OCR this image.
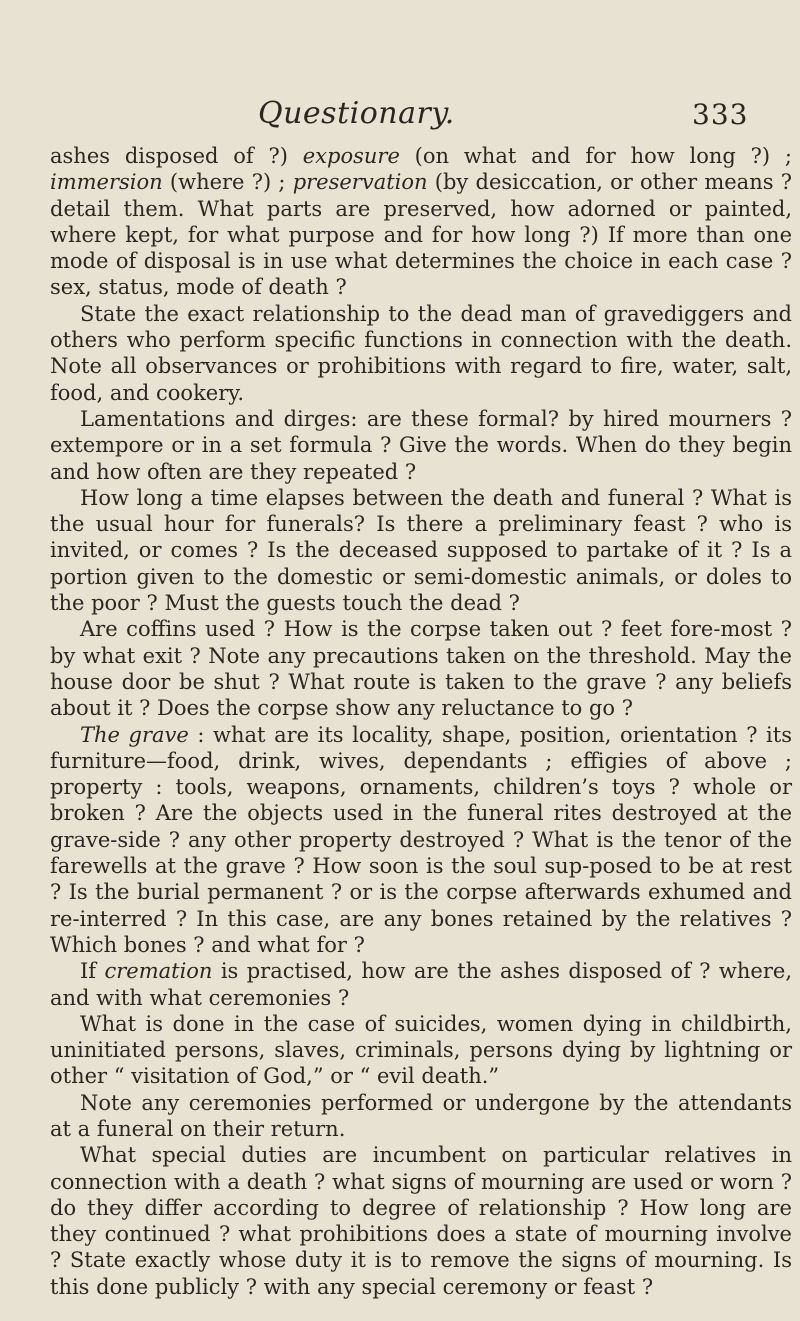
Questionary.	333

ashes disposed of ?) exposure (on what and for how long ?) ; immersion (where ?) ; preservation (by desiccation, or other means ? detail them. What parts are preserved, how adorned or painted, where kept, for what purpose and for how long ?) If more than one mode of disposal is in use what determines the choice in each case ? sex, status, mode of death ?

State the exact relationship to the dead man of gravediggers and others who perform specific functions in connection with the death. Note all observances or prohibitions with regard to fire, water, salt, food, and cookery.

Lamentations and dirges: are these formal? by hired mourners ? extempore or in a set formula ? Give the words. When do they begin and how often are they repeated ?

How long a time elapses between the death and funeral ? What is the usual hour for funerals? Is there a preliminary feast ? who is invited, or comes ? Is the deceased supposed to partake of it ? Is a portion given to the domestic or semi-domestic animals, or doles to the poor ? Must the guests touch the dead ?

Are coffins used ? How is the corpse taken out ? feet fore-most ? by what exit ? Note any precautions taken on the threshold. May the house door be shut ? What route is taken to the grave ? any beliefs about it ? Does the corpse show any reluctance to go ?

The grave : what are its locality, shape, position, orientation ? its furniture—food, drink, wives, dependants ; effigies of above ; property : tools, weapons, ornaments, children’s toys ? whole or broken ? Are the objects used in the funeral rites destroyed at the grave-side ? any other property destroyed ? What is the tenor of the farewells at the grave ? How soon is the soul sup-posed to be at rest ? Is the burial permanent ? or is the corpse afterwards exhumed and re-interred ? In this case, are any bones retained by the relatives ? Which bones ? and what for ?

If cremation is practised, how are the ashes disposed of ? where, and with what ceremonies ?

What is done in the case of suicides, women dying in childbirth, uninitiated persons, slaves, criminals, persons dying by lightning or other “ visitation of God,” or “ evil death.”

Note any ceremonies performed or undergone by the attendants at a funeral on their return.

What special duties are incumbent on particular relatives in connection with a death ? what signs of mourning are used or worn ? do they differ according to degree of relationship ? How long are they continued ? what prohibitions does a state of mourning involve ? State exactly whose duty it is to remove the signs of mourning. Is this done publicly ? with any special ceremony or feast ?
